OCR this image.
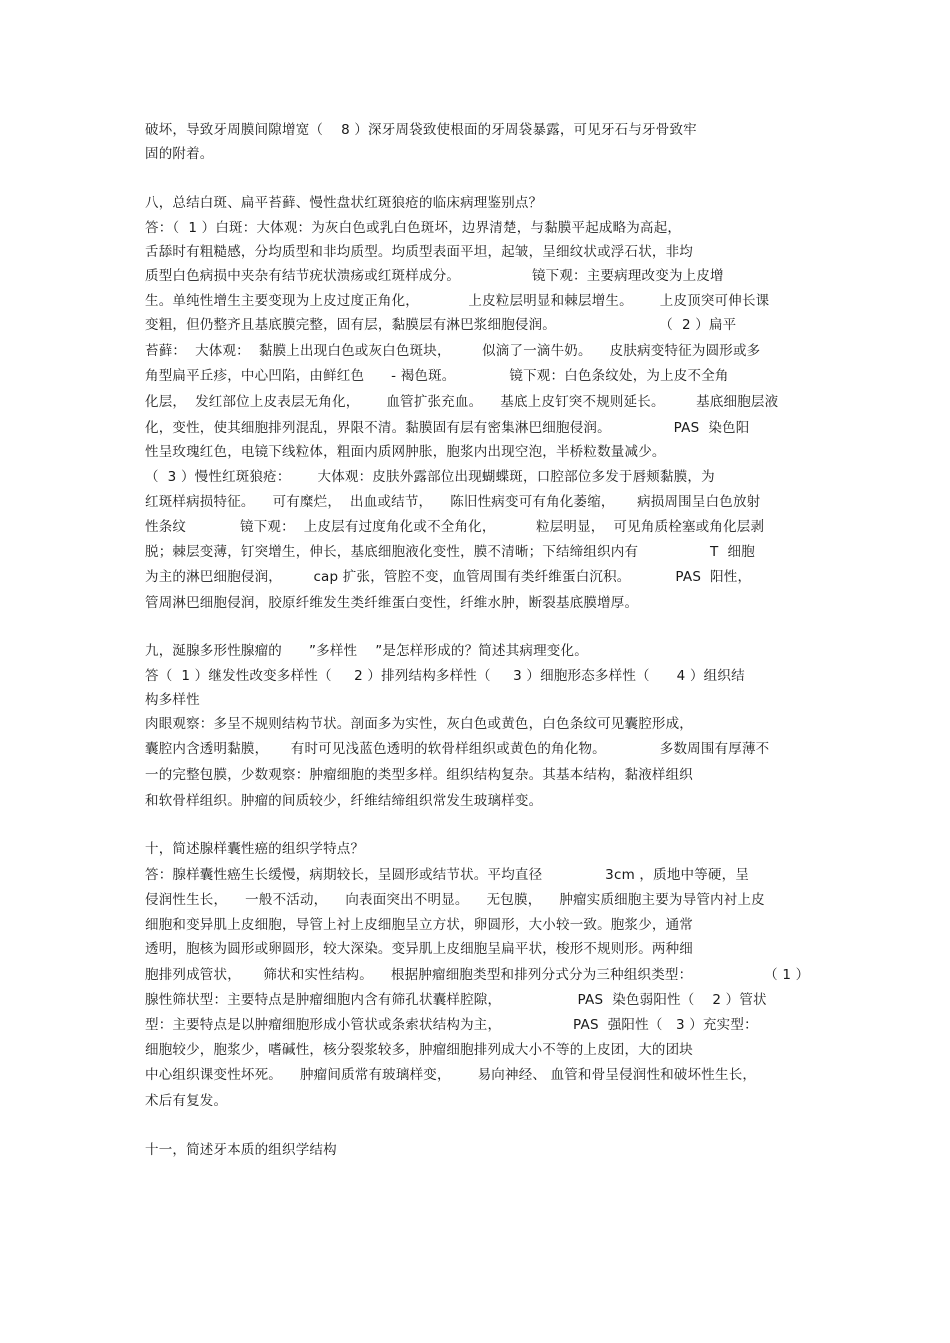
破坏，导致牙周膜间隙增宽（    8 ）深牙周袋致使根面的牙周袋暴露，可见牙石与牙骨致牢
固的附着。
八，总结白斑、扁平苔藓、慢性盘状红斑狼疮的临床病理鉴别点？
答：（  1 ）白斑：大体观：为灰白色或乳白色斑坏，边界清楚，与黏膜平起成略为高起，
舌舔时有粗糙感，分均质型和非均质型。均质型表面平坦，起皱，呈细纹状或浮石状，非均
质型白色病损中夹杂有结节疣状溃疡或红斑样成分。                镜下观：主要病理改变为上皮增
生。单纯性增生主要变现为上皮过度正角化，           上皮粒层明显和棘层增生。      上皮顶突可伸长课
变粗，但仍整齐且基底膜完整，固有层，黏膜层有淋巴浆细胞侵润。                       （  2 ）扁平
苔藓：  大体观：  黏膜上出现白色或灰白色斑块，       似滴了一滴牛奶。    皮肤病变特征为圆形或多
角型扁平丘疹，中心凹陷，由鲜红色      - 褐色斑。            镜下观：白色条纹处，为上皮不全角
化层，  发红部位上皮表层无角化，      血管扩张充血。    基底上皮钉突不规则延长。       基底细胞层液
化，变性，使其细胞排列混乱，界限不清。黏膜固有层有密集淋巴细胞侵润。              PAS  染色阳
性呈玫瑰红色，电镜下线粒体，粗面内质网肿胀，胞浆内出现空泡，半桥粒数量减少。
（  3 ）慢性红斑狼疮：      大体观：皮肤外露部位出现蝴蝶斑，口腔部位多发于唇颊黏膜，为
红斑样病损特征。    可有糜烂，  出血或结节，    陈旧性病变可有角化萎缩，     病损周围呈白色放射
性条纹            镜下观：  上皮层有过度角化或不全角化，         粒层明显，  可见角质栓塞或角化层剥
脱；棘层变薄，钉突增生，伸长，基底细胞液化变性，膜不清晰；下结缔组织内有                T  细胞
为主的淋巴细胞侵润，       cap 扩张，管腔不变，血管周围有类纤维蛋白沉积。          PAS  阳性，
管周淋巴细胞侵润，胶原纤维发生类纤维蛋白变性，纤维水肿，断裂基底膜增厚。
九，涎腺多形性腺瘤的      ”多样性    ”是怎样形成的？简述其病理变化。
答（  1 ）继发性改变多样性（     2 ）排列结构多样性（     3 ）细胞形态多样性（      4 ）组织结
构多样性
肉眼观察：多呈不规则结构节状。剖面多为实性，灰白色或黄色，白色条纹可见囊腔形成，
囊腔内含透明黏膜，     有时可见浅蓝色透明的软骨样组织或黄色的角化物。            多数周围有厚薄不
一的完整包膜，少数观察：肿瘤细胞的类型多样。组织结构复杂。其基本结构，黏液样组织
和软骨样组织。肿瘤的间质较少，纤维结缔组织常发生玻璃样变。
十，简述腺样囊性癌的组织学特点？
答：腺样囊性癌生长缓慢，病期较长，呈圆形或结节状。平均直径              3cm ，质地中等硬，呈
侵润性生长，    一般不活动，    向表面突出不明显。    无包膜，    肿瘤实质细胞主要为导管内衬上皮
细胞和变异肌上皮细胞，导管上衬上皮细胞呈立方状，卵圆形，大小较一致。胞浆少，通常
透明，胞核为圆形或卵圆形，较大深染。变异肌上皮细胞呈扁平状，梭形不规则形。两种细
胞排列成管状，     筛状和实性结构。    根据肿瘤细胞类型和排列分式分为三种组织类型：                （ 1 ）
腺性筛状型：主要特点是肿瘤细胞内含有筛孔状囊样腔隙，                 PAS  染色弱阳性（    2 ）管状
型：主要特点是以肿瘤细胞形成小管状或条索状结构为主，                PAS  强阳性（   3 ）充实型：
细胞较少，胞浆少，嗜碱性，核分裂浆较多，肿瘤细胞排列成大小不等的上皮团，大的团块
中心组织课变性坏死。    肿瘤间质常有玻璃样变，      易向神经、 血管和骨呈侵润性和破坏性生长，
术后有复发。
十一，简述牙本质的组织学结构
